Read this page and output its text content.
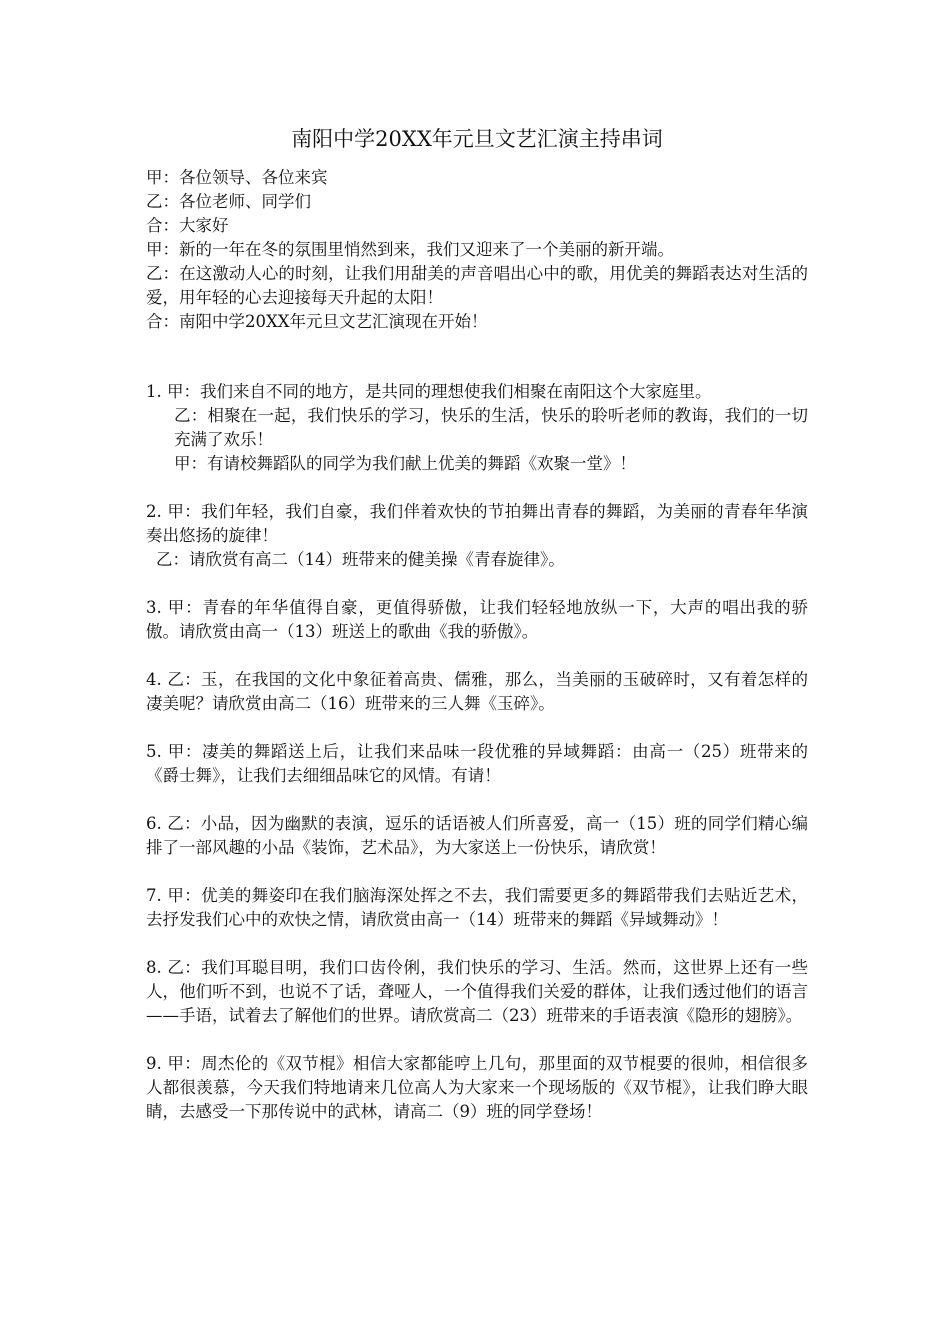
南阳中学20XX年元旦文艺汇演主持串词

甲：各位领导、各位来宾

乙：各位老师、同学们

合：大家好

甲：新的一年在冬的氛围里悄然到来，我们又迎来了一个美丽的新开端。

乙：在这激动人心的时刻，让我们用甜美的声音唱出心中的歌，用优美的舞蹈表达对生活的爱，用年轻的心去迎接每天升起的太阳！

合：南阳中学20XX年元旦文艺汇演现在开始！

1. 甲：我们来自不同的地方，是共同的理想使我们相聚在南阳这个大家庭里。

乙：相聚在一起，我们快乐的学习，快乐的生活，快乐的聆听老师的教诲，我们的一切充满了欢乐！

甲：有请校舞蹈队的同学为我们献上优美的舞蹈《欢聚一堂》！

2. 甲：我们年轻，我们自豪，我们伴着欢快的节拍舞出青春的舞蹈，为美丽的青春年华演奏出悠扬的旋律！

乙：请欣赏有高二（14）班带来的健美操《青春旋律》。

3. 甲：青春的年华值得自豪，更值得骄傲，让我们轻轻地放纵一下，大声的唱出我的骄傲。请欣赏由高一（13）班送上的歌曲《我的骄傲》。

4. 乙：玉，在我国的文化中象征着高贵、儒雅，那么，当美丽的玉破碎时，又有着怎样的凄美呢？请欣赏由高二（16）班带来的三人舞《玉碎》。

5. 甲：凄美的舞蹈送上后，让我们来品味一段优雅的异域舞蹈：由高一（25）班带来的《爵士舞》，让我们去细细品味它的风情。有请！

6. 乙：小品，因为幽默的表演，逗乐的话语被人们所喜爱，高一（15）班的同学们精心编排了一部风趣的小品《装饰，艺术品》，为大家送上一份快乐，请欣赏！

7. 甲：优美的舞姿印在我们脑海深处挥之不去，我们需要更多的舞蹈带我们去贴近艺术，去抒发我们心中的欢快之情，请欣赏由高一（14）班带来的舞蹈《异域舞动》！

8. 乙：我们耳聪目明，我们口齿伶俐，我们快乐的学习、生活。然而，这世界上还有一些人，他们听不到，也说不了话，聋哑人，一个值得我们关爱的群体，让我们透过他们的语言——手语，试着去了解他们的世界。请欣赏高二（23）班带来的手语表演《隐形的翅膀》。

9. 甲：周杰伦的《双节棍》相信大家都能哼上几句，那里面的双节棍要的很帅，相信很多人都很羡慕，今天我们特地请来几位高人为大家来一个现场版的《双节棍》，让我们睁大眼睛，去感受一下那传说中的武林，请高二（9）班的同学登场！
